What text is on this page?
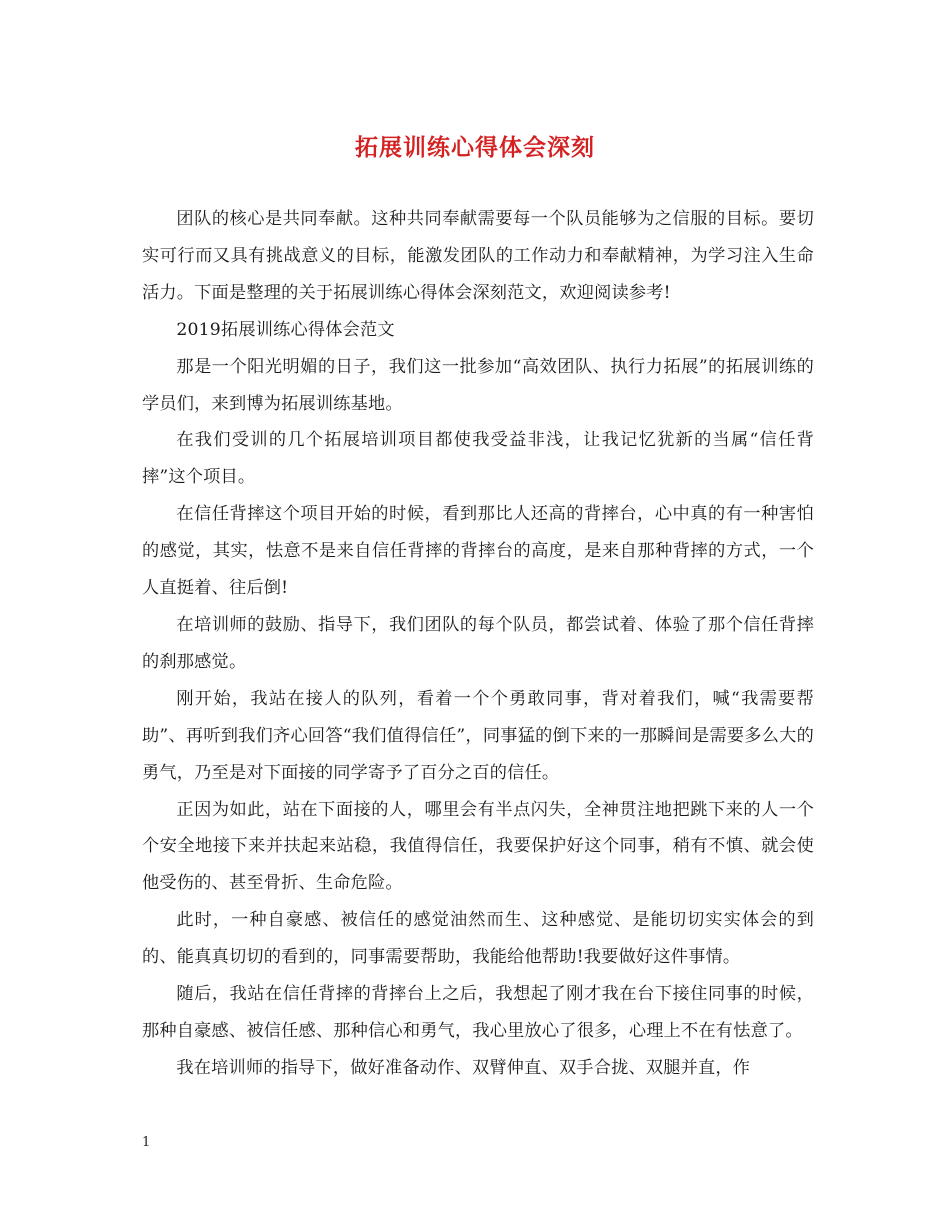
拓展训练心得体会深刻

团队的核心是共同奉献。这种共同奉献需要每一个队员能够为之信服的目标。要切实可行而又具有挑战意义的目标，能激发团队的工作动力和奉献精神，为学习注入生命活力。下面是整理的关于拓展训练心得体会深刻范文，欢迎阅读参考!

2019拓展训练心得体会范文

那是一个阳光明媚的日子，我们这一批参加“高效团队、执行力拓展”的拓展训练的学员们，来到博为拓展训练基地。

在我们受训的几个拓展培训项目都使我受益非浅，让我记忆犹新的当属“信任背摔”这个项目。

在信任背摔这个项目开始的时候，看到那比人还高的背摔台，心中真的有一种害怕的感觉，其实，怯意不是来自信任背摔的背摔台的高度，是来自那种背摔的方式，一个人直挺着、往后倒!

在培训师的鼓励、指导下，我们团队的每个队员，都尝试着、体验了那个信任背摔的刹那感觉。

刚开始，我站在接人的队列，看着一个个勇敢同事，背对着我们，喊“我需要帮助”、再听到我们齐心回答“我们值得信任”，同事猛的倒下来的一那瞬间是需要多么大的勇气，乃至是对下面接的同学寄予了百分之百的信任。

正因为如此，站在下面接的人，哪里会有半点闪失，全神贯注地把跳下来的人一个个安全地接下来并扶起来站稳，我值得信任，我要保护好这个同事，稍有不慎、就会使他受伤的、甚至骨折、生命危险。

此时，一种自豪感、被信任的感觉油然而生、这种感觉、是能切切实实体会的到的、能真真切切的看到的，同事需要帮助，我能给他帮助!我要做好这件事情。

随后，我站在信任背摔的背摔台上之后，我想起了刚才我在台下接住同事的时候，那种自豪感、被信任感、那种信心和勇气，我心里放心了很多，心理上不在有怯意了。

我在培训师的指导下，做好准备动作、双臂伸直、双手合拢、双腿并直，作

1
